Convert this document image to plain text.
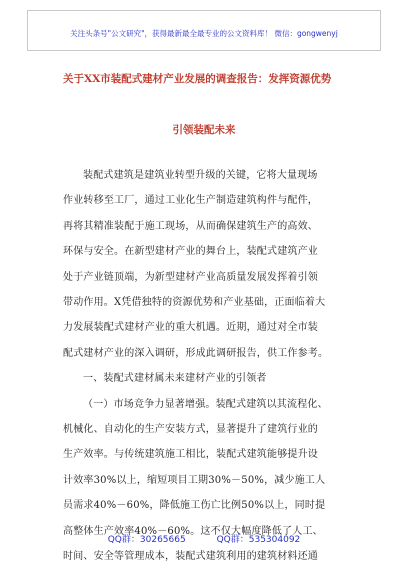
关注头条号"公文研究"，获得最新最全最专业的公文资料库！ 微信：gongwenyj
关于XX市装配式建材产业发展的调查报告：发挥资源优势
引领装配未来
装配式建筑是建筑业转型升级的关键，它将大量现场
作业转移至工厂，通过工业化生产制造建筑构件与配件，
再将其精准装配于施工现场，从而确保建筑生产的高效、
环保与安全。在新型建材产业的舞台上，装配式建筑产业
处于产业链顶端，为新型建材产业高质量发展发挥着引领
带动作用。X凭借独特的资源优势和产业基础，正面临着大
力发展装配式建材产业的重大机遇。近期，通过对全市装
配式建材产业的深入调研，形成此调研报告，供工作参考。
一、装配式建材属未来建材产业的引领者
（一）市场竞争力显著增强。装配式建筑以其流程化、
机械化、自动化的生产安装方式，显著提升了建筑行业的
生产效率。与传统建筑施工相比，装配式建筑能够提升设
计效率30%以上，缩短项目工期30%－50%，减少施工人
员需求40%－60%，降低施工伤亡比例50%以上，同时提
高整体生产效率40%－60%。这不仅大幅度降低了人工、
时间、安全等管理成本，装配式建筑利用的建筑材料还通
QQ群：30265665	QQ群：535304092
